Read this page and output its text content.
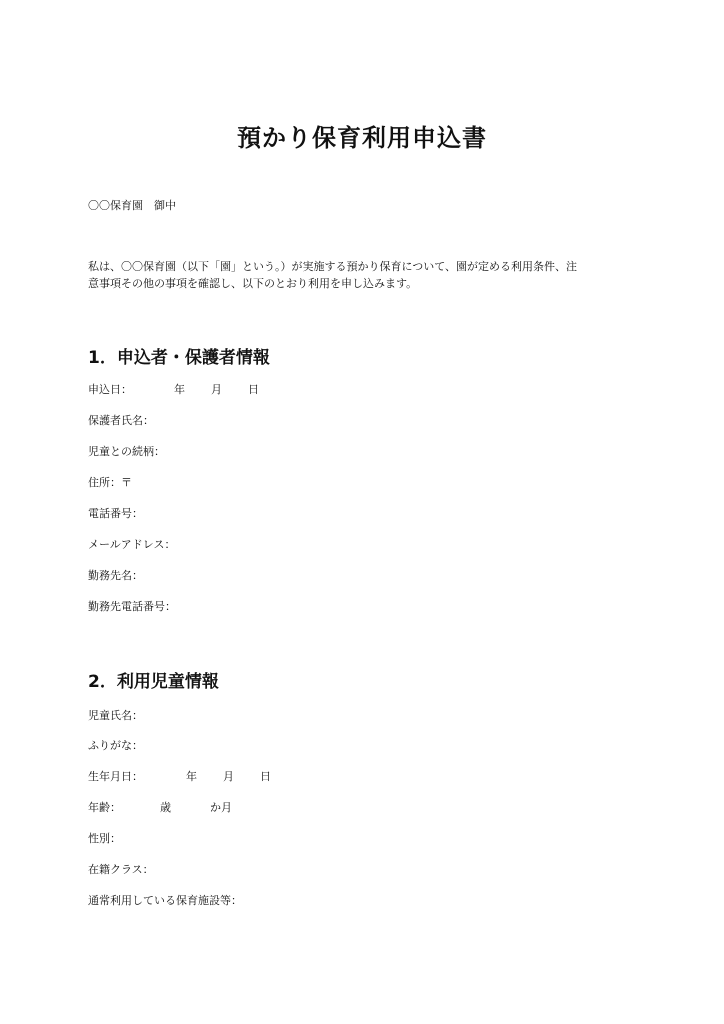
預かり保育利用申込書
〇〇保育園　御中
私は、〇〇保育園（以下「園」という。）が実施する預かり保育について、園が定める利用条件、注
意事項その他の事項を確認し、以下のとおり利用を申し込みます。
1．申込者・保護者情報

申込日：

	年

月

日

保護者氏名：
児童との続柄：
住所：〒
電話番号：
メールアドレス：
勤務先名：
勤務先電話番号：
2．利用児童情報
児童氏名：
ふりがな：

生年月日：

	年

月

日

年齢：

	歳

	か月

性別：
在籍クラス：
通常利用している保育施設等：
